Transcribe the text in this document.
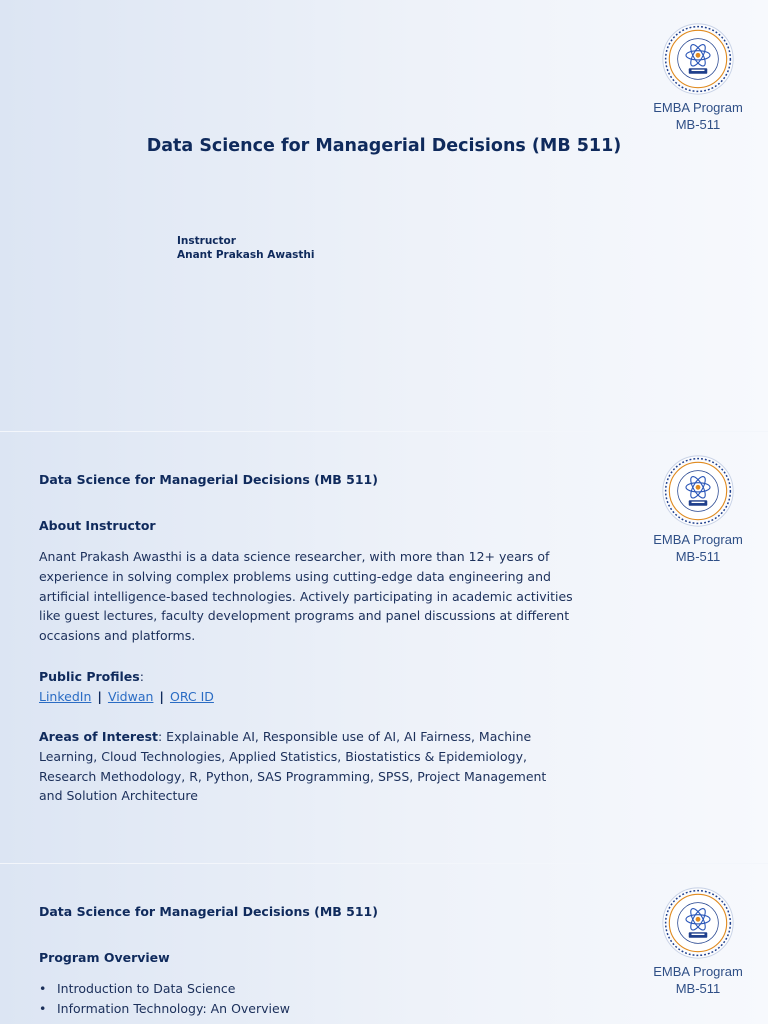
EMBA Program
MB-511
Data Science for Managerial Decisions (MB 511)
Instructor
Anant Prakash Awasthi
EMBA Program
MB-511
Data Science for Managerial Decisions (MB 511)
About Instructor
Anant Prakash Awasthi is a data science researcher, with more than 12+ years of experience in solving complex problems using cutting-edge data engineering and artificial intelligence-based technologies. Actively participating in academic activities like guest lectures, faculty development programs and panel discussions at different occasions and platforms.
Public Profiles:
LinkedIn | Vidwan | ORC ID
Areas of Interest: Explainable AI, Responsible use of AI, AI Fairness, Machine Learning, Cloud Technologies, Applied Statistics, Biostatistics & Epidemiology, Research Methodology, R, Python, SAS Programming, SPSS, Project Management and Solution Architecture
EMBA Program
MB-511
Data Science for Managerial Decisions (MB 511)
Program Overview
• Introduction to Data Science
• Information Technology: An Overview
